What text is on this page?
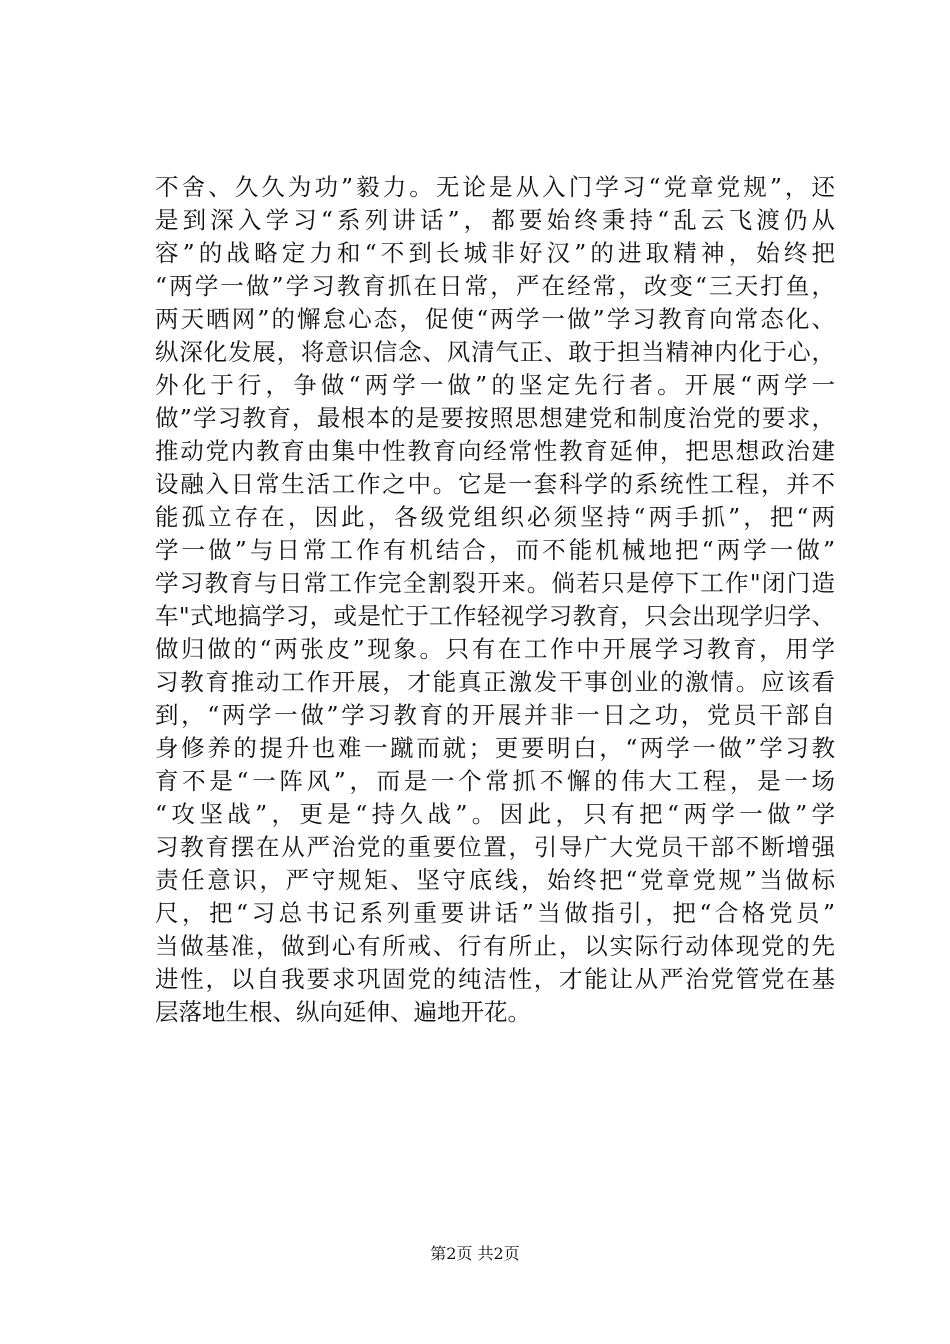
不舍、久久为功”毅力。无论是从入门学习“党章党规”，还
是到深入学习“系列讲话”，都要始终秉持“乱云飞渡仍从
容”的战略定力和“不到长城非好汉”的进取精神，始终把
“两学一做”学习教育抓在日常，严在经常，改变“三天打鱼，
两天晒网”的懈怠心态，促使“两学一做”学习教育向常态化、
纵深化发展，将意识信念、风清气正、敢于担当精神内化于心，
外化于行，争做“两学一做”的坚定先行者。开展“两学一
做”学习教育，最根本的是要按照思想建党和制度治党的要求，
推动党内教育由集中性教育向经常性教育延伸，把思想政治建
设融入日常生活工作之中。它是一套科学的系统性工程，并不
能孤立存在，因此，各级党组织必须坚持“两手抓”，把“两
学一做”与日常工作有机结合，而不能机械地把“两学一做”
学习教育与日常工作完全割裂开来。倘若只是停下工作"闭门造
车"式地搞学习，或是忙于工作轻视学习教育，只会出现学归学、
做归做的“两张皮”现象。只有在工作中开展学习教育，用学
习教育推动工作开展，才能真正激发干事创业的激情。应该看
到，“两学一做”学习教育的开展并非一日之功，党员干部自
身修养的提升也难一蹴而就；更要明白，“两学一做”学习教
育不是“一阵风”，而是一个常抓不懈的伟大工程，是一场
“攻坚战”，更是“持久战”。因此，只有把“两学一做”学
习教育摆在从严治党的重要位置，引导广大党员干部不断增强
责任意识，严守规矩、坚守底线，始终把“党章党规”当做标
尺，把“习总书记系列重要讲话”当做指引，把“合格党员”
当做基准，做到心有所戒、行有所止，以实际行动体现党的先
进性，以自我要求巩固党的纯洁性，才能让从严治党管党在基
层落地生根、纵向延伸、遍地开花。
第2页 共2页
